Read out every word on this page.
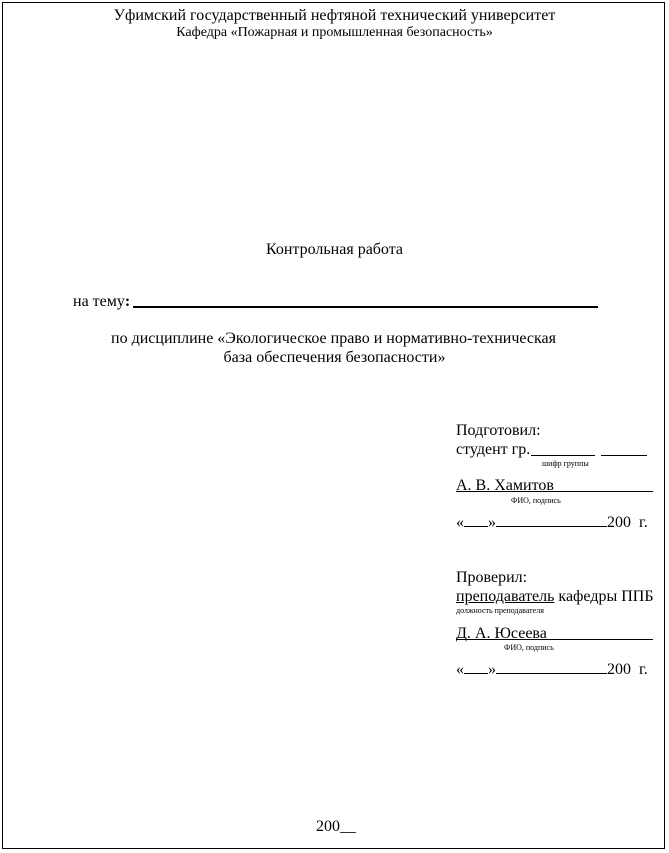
Уфимский государственный нефтяной технический университет
Кафедра «Пожарная и промышленная безопасность»
Контрольная работа
на тему:
по дисциплине «Экологическое право и нормативно-техническая
база обеспечения безопасности»
Подготовил:
студент гр.
шифр группы
А. В. Хамитов
ФИО, подпись
« »	200  г.
Проверил:
преподаватель кафедры ППБ
должность преподавателя
Д. А. Юсеева
ФИО, подпись
« »	200  г.
200__
